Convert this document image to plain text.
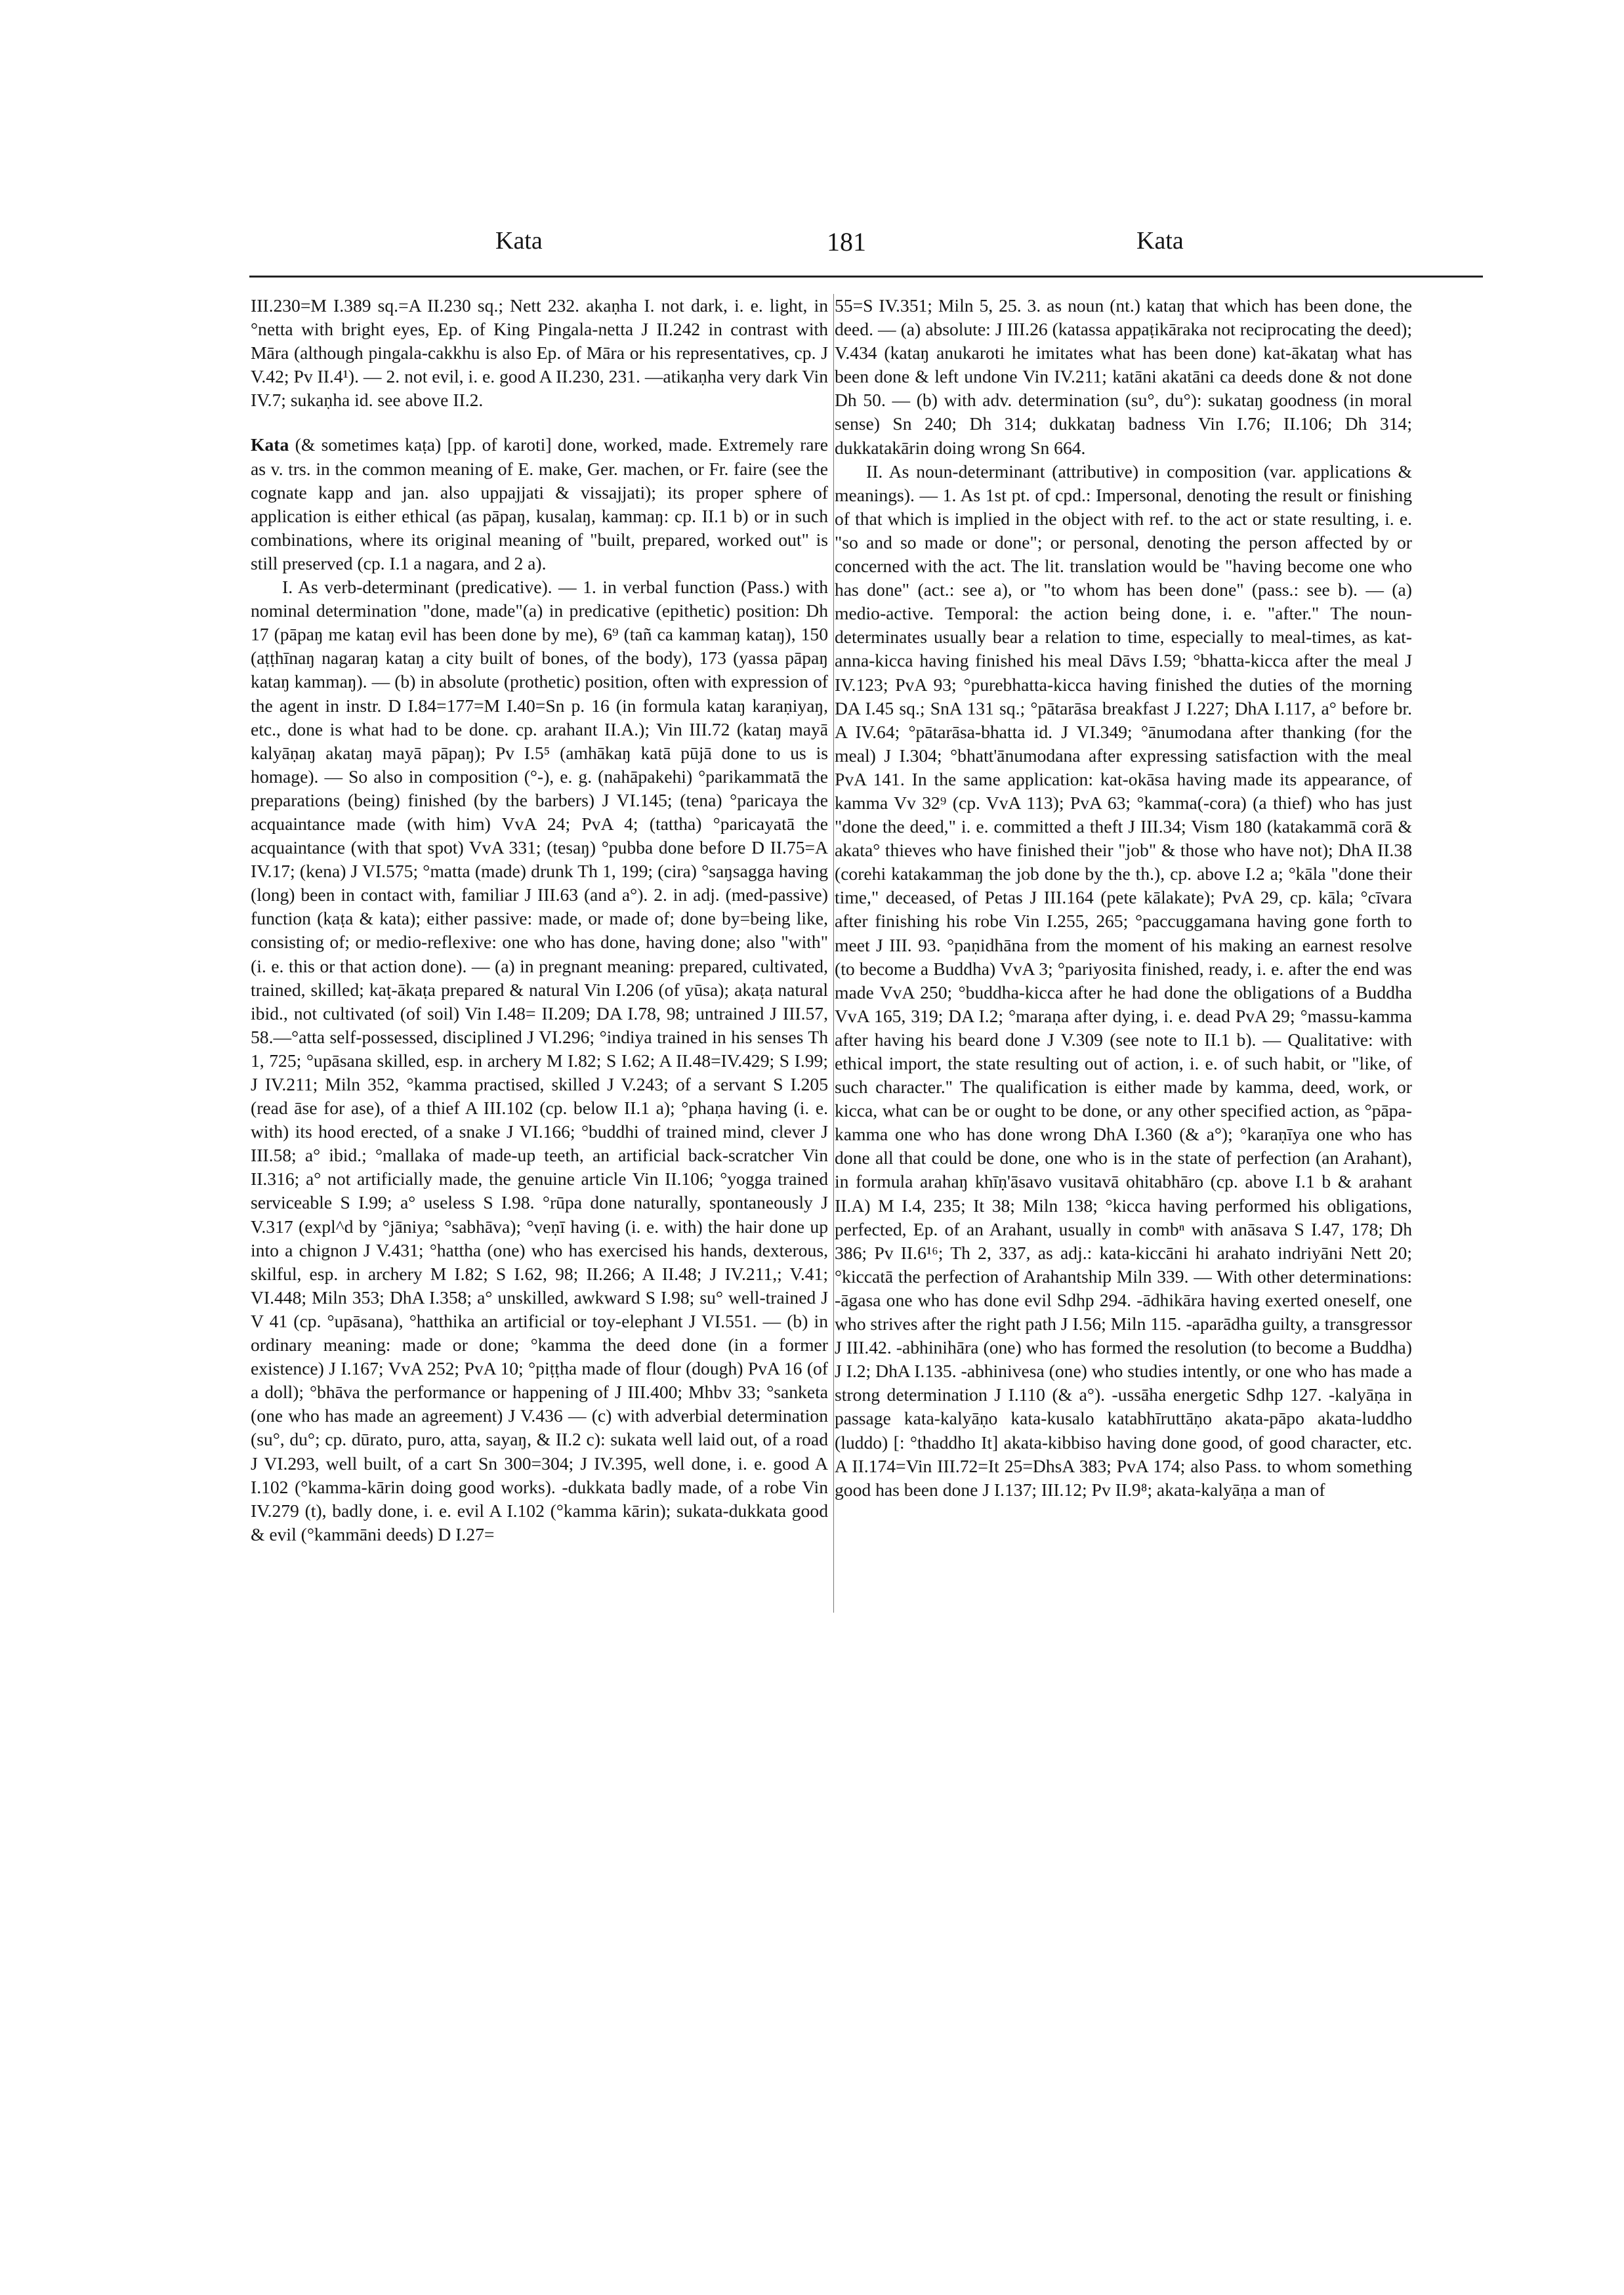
Kata	181	Kata

III.230=M I.389 sq.=A II.230 sq.; Nett 232. akaṇha I. not dark, i. e. light, in °netta with bright eyes, Ep. of King Pingala-netta J II.242 in contrast with Māra (although pingala-cakkhu is also Ep. of Māra or his representatives, cp. J V.42; Pv II.4¹). — 2. not evil, i. e. good A II.230, 231. —atikaṇha very dark Vin IV.7; sukaṇha id. see above II.2.

Kata (& sometimes kaṭa) [pp. of karoti] done, worked, made. Extremely rare as v. trs. in the common meaning of E. make, Ger. machen, or Fr. faire (see the cognate kapp and jan. also uppajjati & vissajjati); its proper sphere of application is either ethical (as pāpaŋ, kusalaŋ, kammaŋ: cp. II.1 b) or in such combinations, where its original meaning of "built, prepared, worked out" is still preserved (cp. I.1 a nagara, and 2 a).

I. As verb-determinant (predicative). — 1. in verbal function (Pass.) with nominal determination "done, made"(a) in predicative (epithetic) position: Dh 17 (pāpaŋ me kataŋ evil has been done by me), 6⁹ (tañ ca kammaŋ kataŋ), 150 (aṭṭhīnaŋ nagaraŋ kataŋ a city built of bones, of the body), 173 (yassa pāpaŋ kataŋ kammaŋ). — (b) in absolute (prothetic) position, often with expression of the agent in instr. D I.84=177=M I.40=Sn p. 16 (in formula kataŋ karaṇiyaŋ, etc., done is what had to be done. cp. arahant II.A.); Vin III.72 (kataŋ mayā kalyāṇaŋ akataŋ mayā pāpaŋ); Pv I.5⁵ (amhākaŋ katā pūjā done to us is homage). — So also in composition (°-), e. g. (nahāpakehi) °parikammatā the preparations (being) finished (by the barbers) J VI.145; (tena) °paricaya the acquaintance made (with him) VvA 24; PvA 4; (tattha) °paricayatā the acquaintance (with that spot) VvA 331; (tesaŋ) °pubba done before D II.75=A IV.17; (kena) J VI.575; °matta (made) drunk Th 1, 199; (cira) °saŋsagga having (long) been in contact with, familiar J III.63 (and a°). 2. in adj. (med-passive) function (kaṭa & kata); either passive: made, or made of; done by=being like, consisting of; or medio-reflexive: one who has done, having done; also "with" (i. e. this or that action done). — (a) in pregnant meaning: prepared, cultivated, trained, skilled; kaṭ-ākaṭa prepared & natural Vin I.206 (of yūsa); akaṭa natural ibid., not cultivated (of soil) Vin I.48= II.209; DA I.78, 98; untrained J III.57, 58.—°atta self-possessed, disciplined J VI.296; °indiya trained in his senses Th 1, 725; °upāsana skilled, esp. in archery M I.82; S I.62; A II.48=IV.429; S I.99; J IV.211; Miln 352, °kamma practised, skilled J V.243; of a servant S I.205 (read āse for ase), of a thief A III.102 (cp. below II.1 a); °phaṇa having (i. e. with) its hood erected, of a snake J VI.166; °buddhi of trained mind, clever J III.58; a° ibid.; °mallaka of made-up teeth, an artificial back-scratcher Vin II.316; a° not artificially made, the genuine article Vin II.106; °yogga trained serviceable S I.99; a° useless S I.98. °rūpa done naturally, spontaneously J V.317 (expl^d by °jāniya; °sabhāva); °veṇī having (i. e. with) the hair done up into a chignon J V.431; °hattha (one) who has exercised his hands, dexterous, skilful, esp. in archery M I.82; S I.62, 98; II.266; A II.48; J IV.211,; V.41; VI.448; Miln 353; DhA I.358; a° unskilled, awkward S I.98; su° well-trained J V 41 (cp. °upāsana), °hatthika an artificial or toy-elephant J VI.551. — (b) in ordinary meaning: made or done; °kamma the deed done (in a former existence) J I.167; VvA 252; PvA 10; °piṭṭha made of flour (dough) PvA 16 (of a doll); °bhāva the performance or happening of J III.400; Mhbv 33; °sanketa (one who has made an agreement) J V.436 — (c) with adverbial determination (su°, du°; cp. dūrato, puro, atta, sayaŋ, & II.2 c): sukata well laid out, of a road J VI.293, well built, of a cart Sn 300=304; J IV.395, well done, i. e. good A I.102 (°kamma-kārin doing good works). -dukkata badly made, of a robe Vin IV.279 (t), badly done, i. e. evil A I.102 (°kamma kārin); sukata-dukkata good & evil (°kammāni deeds) D I.27=

55=S IV.351; Miln 5, 25. 3. as noun (nt.) kataŋ that which has been done, the deed. — (a) absolute: J III.26 (katassa appaṭikāraka not reciprocating the deed); V.434 (kataŋ anukaroti he imitates what has been done) kat-ākataŋ what has been done & left undone Vin IV.211; katāni akatāni ca deeds done & not done Dh 50. — (b) with adv. determination (su°, du°): sukataŋ goodness (in moral sense) Sn 240; Dh 314; dukkataŋ badness Vin I.76; II.106; Dh 314; dukkatakārin doing wrong Sn 664.

II. As noun-determinant (attributive) in composition (var. applications & meanings). — 1. As 1st pt. of cpd.: Impersonal, denoting the result or finishing of that which is implied in the object with ref. to the act or state resulting, i. e. "so and so made or done"; or personal, denoting the person affected by or concerned with the act. The lit. translation would be "having become one who has done" (act.: see a), or "to whom has been done" (pass.: see b). — (a) medio-active. Temporal: the action being done, i. e. "after." The noun-determinates usually bear a relation to time, especially to meal-times, as kat-anna-kicca having finished his meal Dāvs I.59; °bhatta-kicca after the meal J IV.123; PvA 93; °purebhatta-kicca having finished the duties of the morning DA I.45 sq.; SnA 131 sq.; °pātarāsa breakfast J I.227; DhA I.117, a° before br. A IV.64; °pātarāsa-bhatta id. J VI.349; °ānumodana after thanking (for the meal) J I.304; °bhatt'ānumodana after expressing satisfaction with the meal PvA 141. In the same application: kat-okāsa having made its appearance, of kamma Vv 32⁹ (cp. VvA 113); PvA 63; °kamma(-cora) (a thief) who has just "done the deed," i. e. committed a theft J III.34; Vism 180 (katakammā corā & akata° thieves who have finished their "job" & those who have not); DhA II.38 (corehi katakammaŋ the job done by the th.), cp. above I.2 a; °kāla "done their time," deceased, of Petas J III.164 (pete kālakate); PvA 29, cp. kāla; °cīvara after finishing his robe Vin I.255, 265; °paccuggamana having gone forth to meet J III. 93. °paṇidhāna from the moment of his making an earnest resolve (to become a Buddha) VvA 3; °pariyosita finished, ready, i. e. after the end was made VvA 250; °buddha-kicca after he had done the obligations of a Buddha VvA 165, 319; DA I.2; °maraṇa after dying, i. e. dead PvA 29; °massu-kamma after having his beard done J V.309 (see note to II.1 b). — Qualitative: with ethical import, the state resulting out of action, i. e. of such habit, or "like, of such character." The qualification is either made by kamma, deed, work, or kicca, what can be or ought to be done, or any other specified action, as °pāpa-kamma one who has done wrong DhA I.360 (& a°); °karaṇīya one who has done all that could be done, one who is in the state of perfection (an Arahant), in formula arahaŋ khīṇ'āsavo vusitavā ohitabhāro (cp. above I.1 b & arahant II.A) M I.4, 235; It 38; Miln 138; °kicca having performed his obligations, perfected, Ep. of an Arahant, usually in combⁿ with anāsava S I.47, 178; Dh 386; Pv II.6¹⁶; Th 2, 337, as adj.: kata-kiccāni hi arahato indriyāni Nett 20; °kiccatā the perfection of Arahantship Miln 339. — With other determinations: -āgasa one who has done evil Sdhp 294. -ādhikāra having exerted oneself, one who strives after the right path J I.56; Miln 115. -aparādha guilty, a transgressor J III.42. -abhinihāra (one) who has formed the resolution (to become a Buddha) J I.2; DhA I.135. -abhinivesa (one) who studies intently, or one who has made a strong determination J I.110 (& a°). -ussāha energetic Sdhp 127. -kalyāṇa in passage kata-kalyāṇo kata-kusalo katabhīruttāṇo akata-pāpo akata-luddho (luddo) [: °thaddho It] akata-kibbiso having done good, of good character, etc. A II.174=Vin III.72=It 25=DhsA 383; PvA 174; also Pass. to whom something good has been done J I.137; III.12; Pv II.9⁸; akata-kalyāṇa a man of
